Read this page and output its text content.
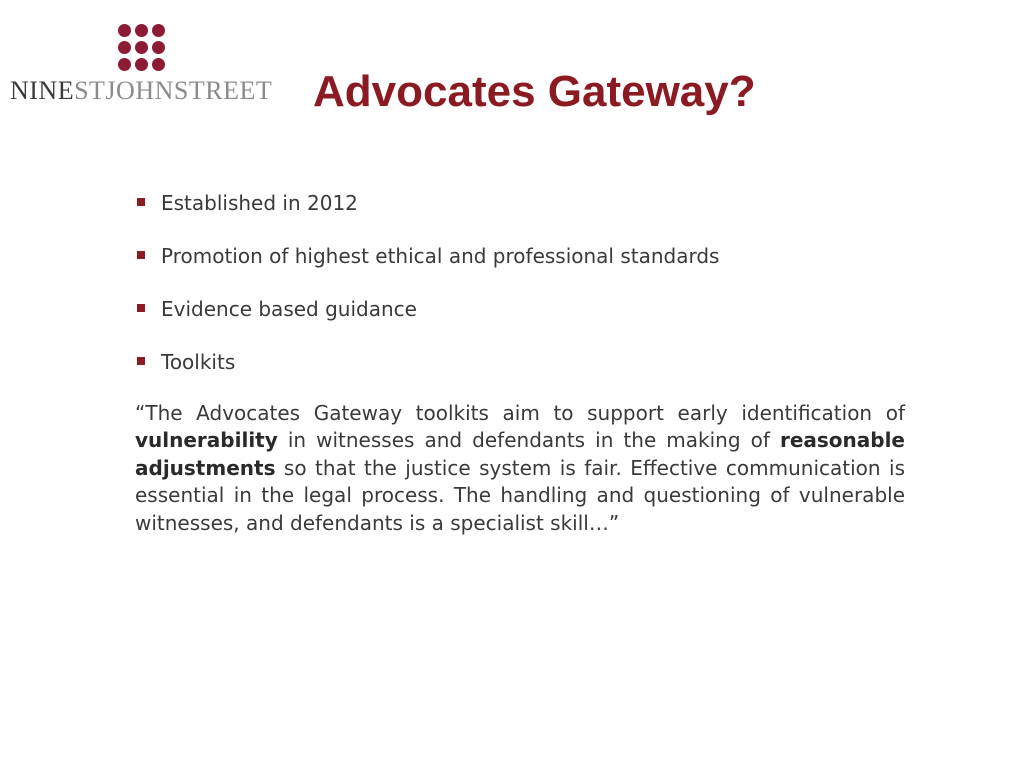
NINESTJOHNSTREET Advocates Gateway?
Established in 2012
Promotion of highest ethical and professional standards
Evidence based guidance
Toolkits

“The Advocates Gateway toolkits aim to support early identification of vulnerability in witnesses and defendants in the making of reasonable adjustments so that the justice system is fair. Effective communication is essential in the legal process. The handling and questioning of vulnerable witnesses, and defendants is a specialist skill…”
